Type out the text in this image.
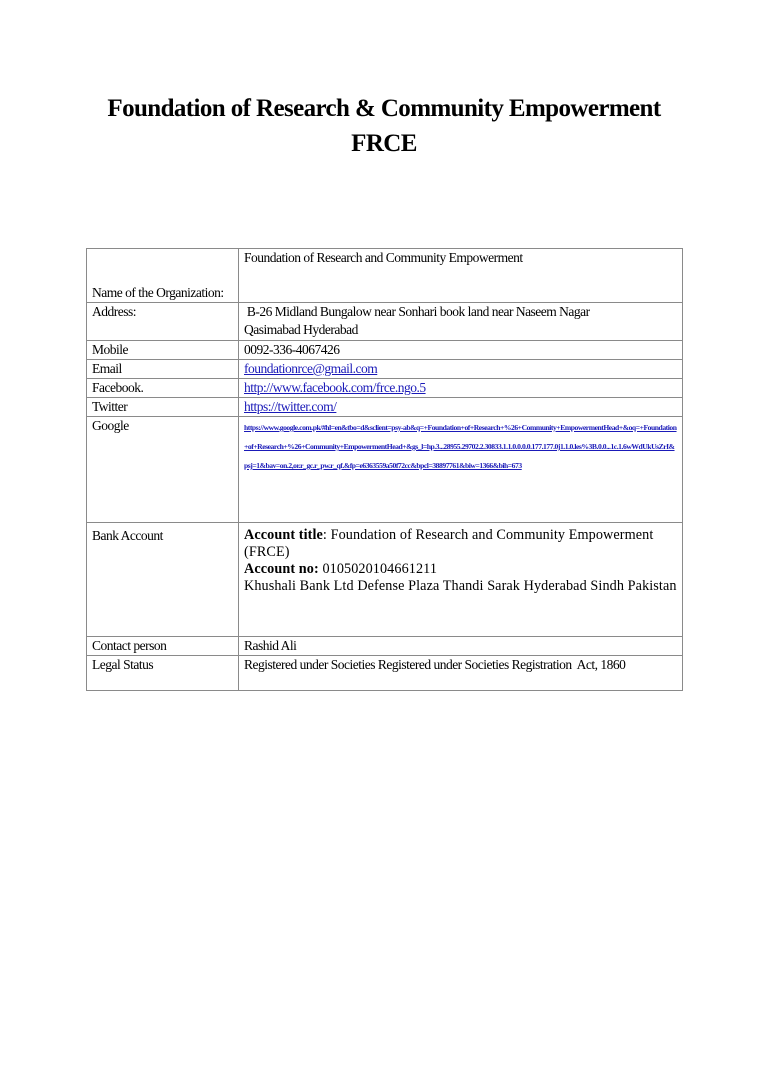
Foundation of Research & Community Empowerment
FRCE
Name of the Organization:	Foundation of Research and Community Empowerment
Address:	B-26 Midland Bungalow near Sonhari book land near Naseem Nagar
Qasimabad Hyderabad

Mobile	0092-336-4067426
Email	foundationrce@gmail.com
Facebook.	http://www.facebook.com/frce.ngo.5
Twitter	https://twitter.com/
Google	https://www.google.com.pk/#hl=en&tbo=d&sclient=psy-ab&q=+Foundation+of+Research+%26+Community+EmpowermentHead+&oq=+Foundation+of+Research+%26+Community+EmpowermentHead+&gs_l=hp.3...28955.29702.2.30833.1.1.0.0.0.0.177.177.0j1.1.0.les%3B.0.0...1c.1.6wWdUkUsZrI&psj=1&bav=on.2,or.r_gc.r_pw.r_qf.&fp=e6363559a50f72cc&bpcl=38897761&biw=1366&bih=673
Bank Account	Account title: Foundation of Research and Community Empowerment (FRCE)
Account no: 0105020104661211
Khushali Bank Ltd Defense Plaza Thandi Sarak Hyderabad Sindh Pakistan

Contact person	Rashid Ali
Legal Status	Registered under Societies Registered under Societies Registration  Act, 1860
